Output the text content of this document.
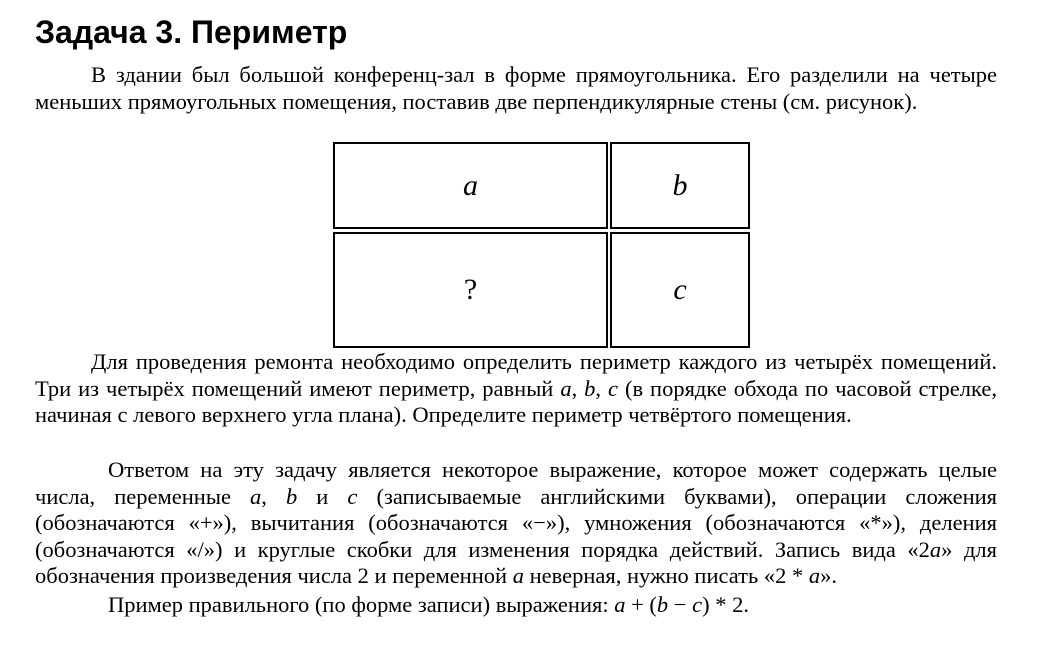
Задача 3. Периметр

В здании был большой конференц-зал в форме прямоугольника. Его разделили на четыре меньших прямоугольных помещения, поставив две перпендикулярные стены (см. рисунок).

a	b
?	c

Для проведения ремонта необходимо определить периметр каждого из четырёх помещений. Три из четырёх помещений имеют периметр, равный a, b, c (в порядке обхода по часовой стрелке, начиная с левого верхнего угла плана). Определите периметр четвёртого помещения.

Ответом на эту задачу является некоторое выражение, которое может содержать целые числа, переменные a, b и c (записываемые английскими буквами), операции сложения (обозначаются «+»), вычитания (обозначаются «−»), умножения (обозначаются «*»), деления (обозначаются «/») и круглые скобки для изменения порядка действий. Запись вида «2a» для обозначения произведения числа 2 и переменной a неверная, нужно писать «2 * a».

Пример правильного (по форме записи) выражения: a + (b − c) * 2.
